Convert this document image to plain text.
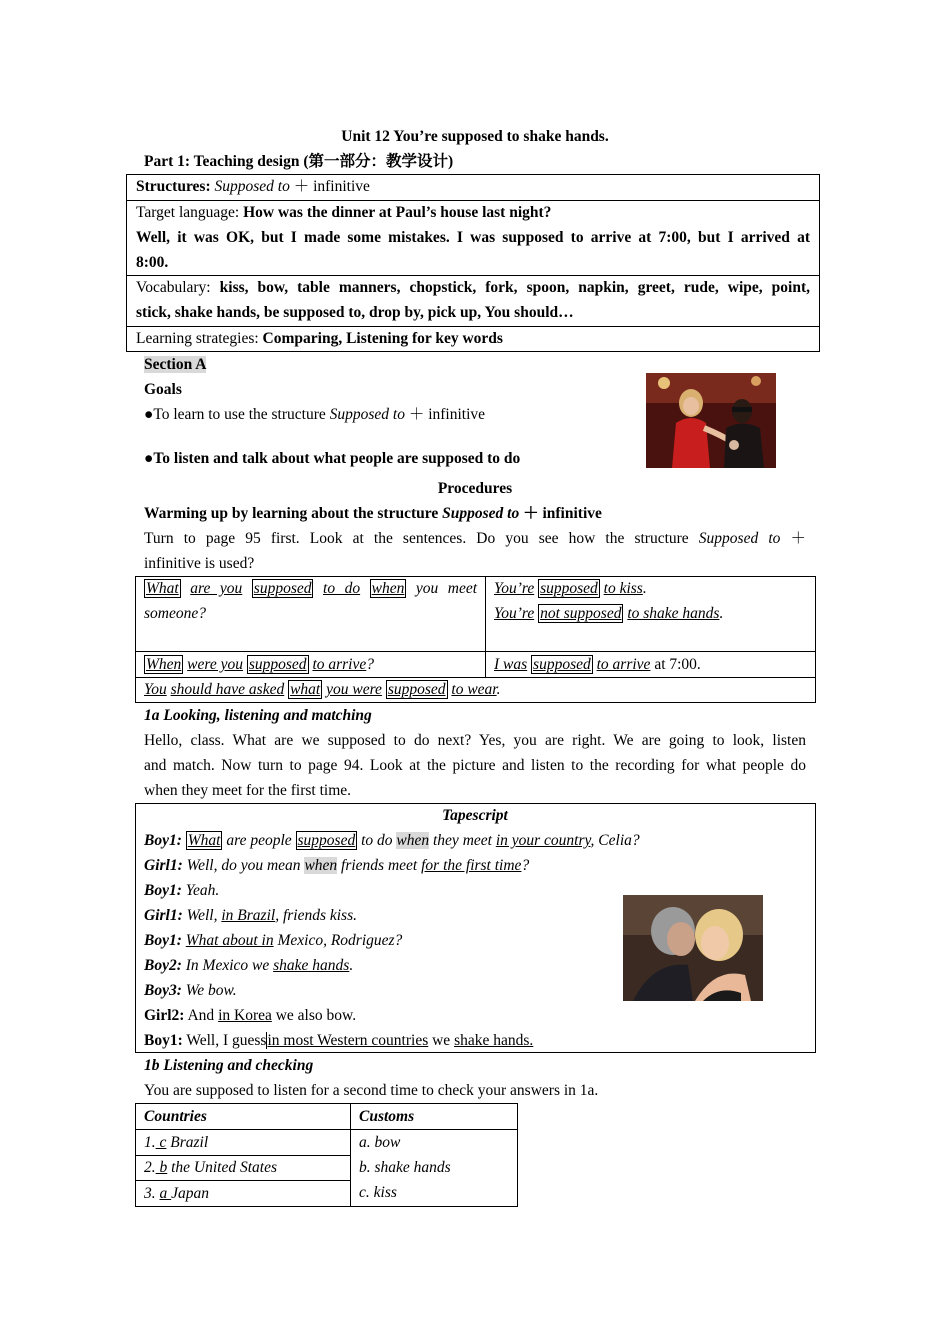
Unit 12 You’re supposed to shake hands.
Part 1: Teaching design (第一部分：教学设计)
Structures: Supposed to ＋ infinitive
Target language: How was the dinner at Paul’s house last night?
Well, it was OK, but I made some mistakes. I was supposed to arrive at 7:00, but I arrived at
8:00.
Vocabulary: kiss, bow, table manners, chopstick, fork, spoon, napkin, greet, rude, wipe, point,
stick, shake hands, be supposed to, drop by, pick up, You should…
Learning strategies: Comparing, Listening for key words
Section A
Goals
●To learn to use the structure Supposed to ＋ infinitive
●To listen and talk about what people are supposed to do
Procedures
Warming up by learning about the structure Supposed to ＋ infinitive
Turn to page 95 first. Look at the sentences. Do you see how the structure Supposed to ＋
infinitive is used?
What are you supposed to do when you meet
someone?
You’re supposed to kiss.
You’re not supposed to shake hands.
When were you supposed to arrive?	I was supposed to arrive at 7:00.
You should have asked what you were supposed to wear.
1a Looking, listening and matching
Hello, class. What are we supposed to do next? Yes, you are right. We are going to look, listen
and match. Now turn to page 94. Look at the picture and listen to the recording for what people do
when they meet for the first time.
Tapescript
Boy1: What are people supposed to do when they meet in your country, Celia?
Girl1: Well, do you mean when friends meet for the first time?
Boy1: Yeah.
Girl1: Well, in Brazil, friends kiss.
Boy1: What about in Mexico, Rodriguez?
Boy2: In Mexico we shake hands.
Boy3: We bow.
Girl2: And in Korea we also bow.
Boy1: Well, I guessin most Western countries we shake hands.
1b Listening and checking
You are supposed to listen for a second time to check your answers in 1a.
Countries	Customs
1. c Brazil
2. b the United States
3. a Japan
a. bow
b. shake hands
c. kiss
